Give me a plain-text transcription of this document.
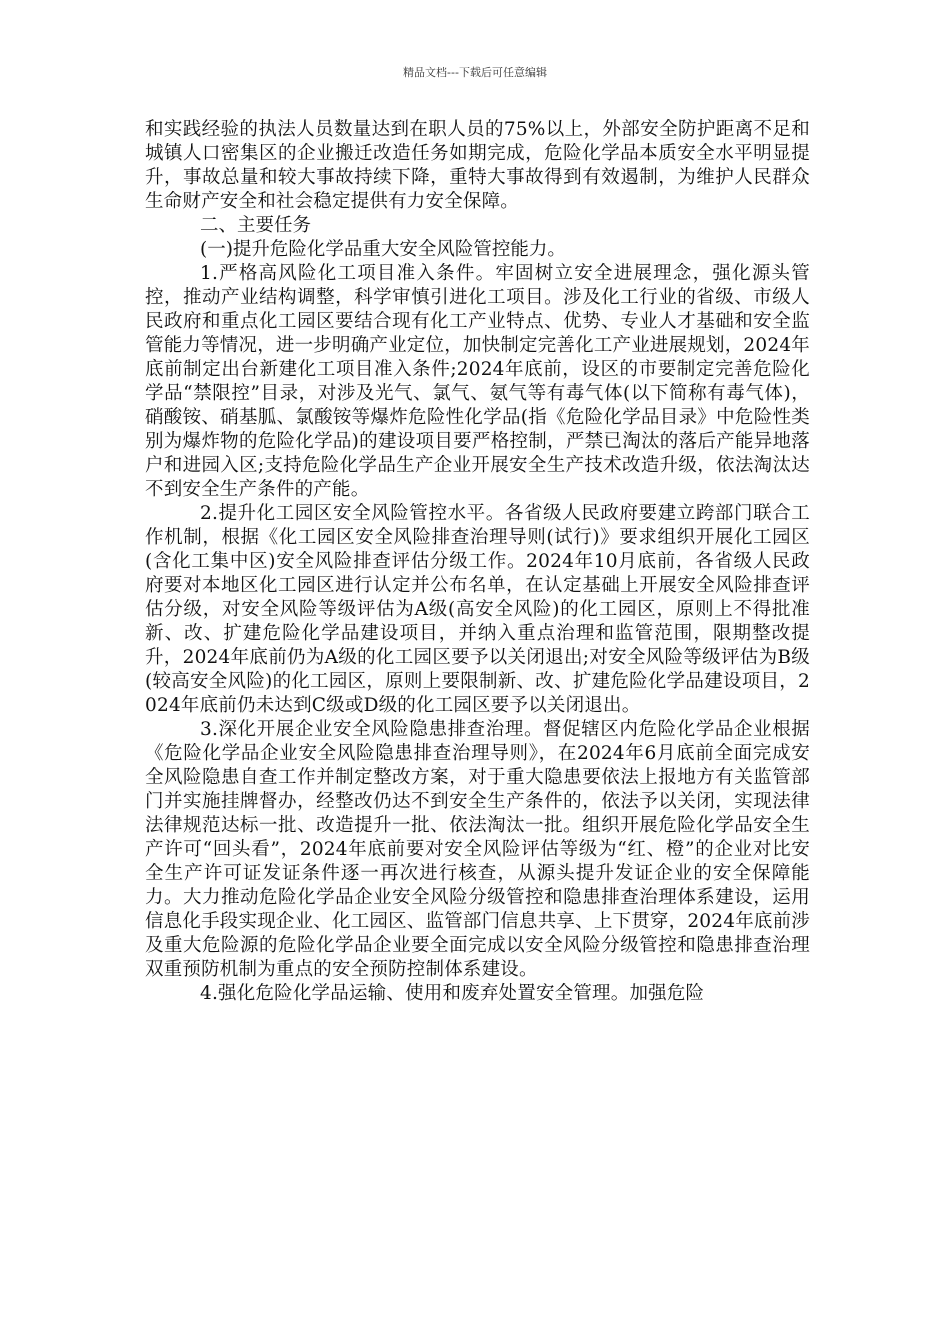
精品文档---下载后可任意编辑

和实践经验的执法人员数量达到在职人员的75%以上，外部安全防护距离不足和城镇人口密集区的企业搬迁改造任务如期完成，危险化学品本质安全水平明显提升，事故总量和较大事故持续下降，重特大事故得到有效遏制，为维护人民群众生命财产安全和社会稳定提供有力安全保障。

二、主要任务

(一)提升危险化学品重大安全风险管控能力。

1.严格高风险化工项目准入条件。牢固树立安全进展理念，强化源头管控，推动产业结构调整，科学审慎引进化工项目。涉及化工行业的省级、市级人民政府和重点化工园区要结合现有化工产业特点、优势、专业人才基础和安全监管能力等情况，进一步明确产业定位，加快制定完善化工产业进展规划，2024年底前制定出台新建化工项目准入条件;2024年底前，设区的市要制定完善危险化学品“禁限控”目录，对涉及光气、氯气、氨气等有毒气体(以下简称有毒气体)，硝酸铵、硝基胍、氯酸铵等爆炸危险性化学品(指《危险化学品目录》中危险性类别为爆炸物的危险化学品)的建设项目要严格控制，严禁已淘汰的落后产能异地落户和进园入区;支持危险化学品生产企业开展安全生产技术改造升级，依法淘汰达不到安全生产条件的产能。

2.提升化工园区安全风险管控水平。各省级人民政府要建立跨部门联合工作机制，根据《化工园区安全风险排查治理导则(试行)》要求组织开展化工园区(含化工集中区)安全风险排查评估分级工作。2024年10月底前，各省级人民政府要对本地区化工园区进行认定并公布名单，在认定基础上开展安全风险排查评估分级，对安全风险等级评估为A级(高安全风险)的化工园区，原则上不得批准新、改、扩建危险化学品建设项目，并纳入重点治理和监管范围，限期整改提升，2024年底前仍为A级的化工园区要予以关闭退出;对安全风险等级评估为B级(较高安全风险)的化工园区，原则上要限制新、改、扩建危险化学品建设项目，2024年底前仍未达到C级或D级的化工园区要予以关闭退出。

3.深化开展企业安全风险隐患排查治理。督促辖区内危险化学品企业根据《危险化学品企业安全风险隐患排查治理导则》，在2024年6月底前全面完成安全风险隐患自查工作并制定整改方案，对于重大隐患要依法上报地方有关监管部门并实施挂牌督办，经整改仍达不到安全生产条件的，依法予以关闭，实现法律法律规范达标一批、改造提升一批、依法淘汰一批。组织开展危险化学品安全生产许可“回头看”，2024年底前要对安全风险评估等级为“红、橙”的企业对比安全生产许可证发证条件逐一再次进行核查，从源头提升发证企业的安全保障能力。大力推动危险化学品企业安全风险分级管控和隐患排查治理体系建设，运用信息化手段实现企业、化工园区、监管部门信息共享、上下贯穿，2024年底前涉及重大危险源的危险化学品企业要全面完成以安全风险分级管控和隐患排查治理双重预防机制为重点的安全预防控制体系建设。

4.强化危险化学品运输、使用和废弃处置安全管理。加强危险
